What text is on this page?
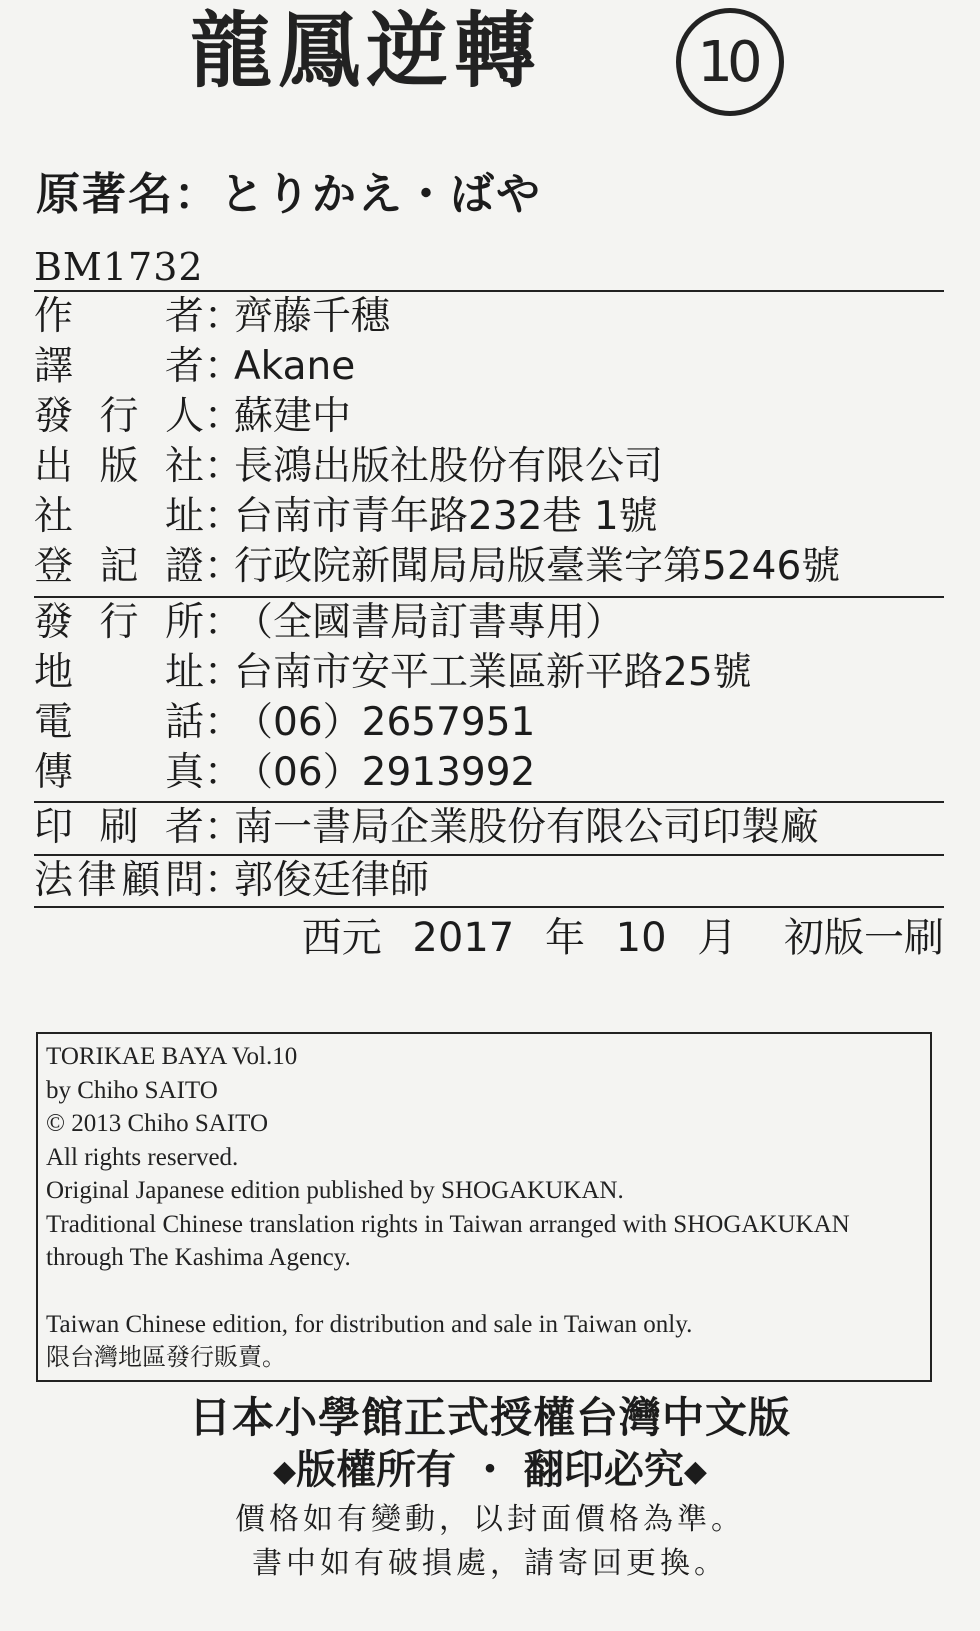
龍鳳逆轉	10
原著名：とりかえ・ばや
BM1732
作 者 ：
齊藤千穗
譯 者 ：
Akane
發 行 人 ：
蘇建中
出 版 社 ：
長鴻出版社股份有限公司
社 址 ：
台南市青年路232巷 1號
登 記 證 ：
行政院新聞局局版臺業字第5246號
發 行 所 ：
（全國書局訂書專用）
地 址 ：
台南市安平工業區新平路25號
電 話 ：
（06）2657951
傳 真 ：
（06）2913992
印 刷 者 ：
南一書局企業股份有限公司印製廠
法 律 顧 問 ：
郭俊廷律師
西元 2017 年 10 月 初版一刷
TORIKAE BAYA Vol.10
by Chiho SAITO
© 2013 Chiho SAITO
All rights reserved.
Original Japanese edition published by SHOGAKUKAN.
Traditional Chinese translation rights in Taiwan arranged with SHOGAKUKAN
through The Kashima Agency.
Taiwan Chinese edition, for distribution and sale in Taiwan only.
限台灣地區發行販賣。
日本小學館正式授權台灣中文版
◆版權所有 ・ 翻印必究◆
價格如有變動，以封面價格為準。
書中如有破損處，請寄回更換。
